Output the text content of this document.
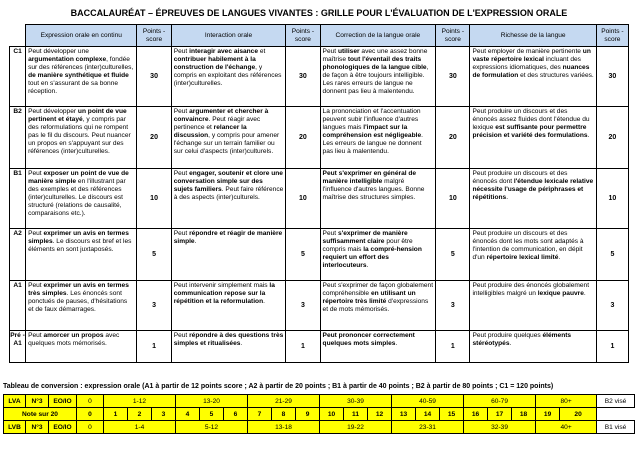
BACCALAURÉAT – ÉPREUVES DE LANGUES VIVANTES : GRILLE POUR L'ÉVALUATION DE L'EXPRESSION ORALE
	Expression orale en continu	Points -score	Interaction orale	Points -score	Correction de la langue orale	Points -score	Richesse de la langue	Points -score
C1	Peut développer une argumentation complexe, fondée sur des références (inter)culturelles, de manière synthétique et fluide tout en s'assurant de sa bonne réception.	30	Peut interagir avec aisance et contribuer habilement à la construction de l'échange, y compris en exploitant des références (inter)culturelles.	30	Peut utiliser avec une assez bonne maîtrise tout l'éventail des traits phonologiques de la langue cible, de façon à être toujours intelligible. Les rares erreurs de langue ne donnent pas lieu à malentendu.	30	Peut employer de manière pertinente un vaste répertoire lexical incluant des expressions idiomatiques, des nuances de formulation et des structures variées.	30
B2	Peut développer un point de vue pertinent et étayé, y compris par des reformulations qui ne rompent pas le fil du discours. Peut nuancer un propos en s'appuyant sur des références (inter)culturelles.	20	Peut argumenter et chercher à convaincre. Peut réagir avec pertinence et relancer la discussion, y compris pour amener l'échange sur un terrain familier ou sur celui d'aspects (inter)culturels.	20	La prononciation et l'accentuation peuvent subir l'influence d'autres langues mais l'impact sur la compréhension est négligeable. Les erreurs de langue ne donnent pas lieu à malentendu.	20	Peut produire un discours et des énoncés assez fluides dont l'étendue du lexique est suffisante pour permettre précision et variété des formulations.	20
B1	Peut exposer un point de vue de manière simple en l'illustrant par des exemples et des références (inter)culturelles. Le discours est structuré (relations de causalité, comparaisons etc.).	10	Peut engager, soutenir et clore une conversation simple sur des sujets familiers. Peut faire référence à des aspects (inter)culturels.	10	Peut s'exprimer en général de manière intelligible malgré l'influence d'autres langues. Bonne maîtrise des structures simples.	10	Peut produire un discours et des énoncés dont l'étendue lexicale relative nécessite l'usage de périphrases et répétitions.	10
A2	Peut exprimer un avis en termes simples. Le discours est bref et les éléments en sont juxtaposés.	5	Peut répondre et réagir de manière simple.	5	Peut s'exprimer de manière suffisamment claire pour être compris mais la compré-hension requiert un effort des interlocuteurs.	5	Peut produire un discours et des énoncés dont les mots sont adaptés à l'intention de communication, en dépit d'un répertoire lexical limité.	5
A1	Peut exprimer un avis en termes très simples. Les énoncés sont ponctués de pauses, d'hésitations et de faux démarrages.	3	Peut intervenir simplement mais la communication repose sur la répétition et la reformulation.	3	Peut s'exprimer de façon globalement compréhensible en utilisant un répertoire très limité d'expressions et de mots mémorisés.	3	Peut produire des énoncés globalement intelligibles malgré un lexique pauvre.	3
Pré -A1	Peut amorcer un propos avec quelques mots mémorisés.	1	Peut répondre à des questions très simples et ritualisées.	1	Peut prononcer correctement quelques mots simples.	1	Peut produire quelques éléments stéréotypés.	1
Tableau de conversion : expression orale (A1 à partir de 12 points score ; A2 à partir de 20 points ; B1 à partir de 40 points ; B2 à partir de 80 points ; C1 = 120 points)
LVA	N°3	EO/IO	0	1-12			13-20			21-29			30-39			40-59			60-79			80+		B2 visé
Note sur 20			0	1	2	3	4	5	6	7	8	9	10	11	12	13	14	15	16	17	18	19	20	
LVB	N°3	EO/IO	0	1-4			5-12			13-18			19-22			23-31			32-39			40+		B1 visé
